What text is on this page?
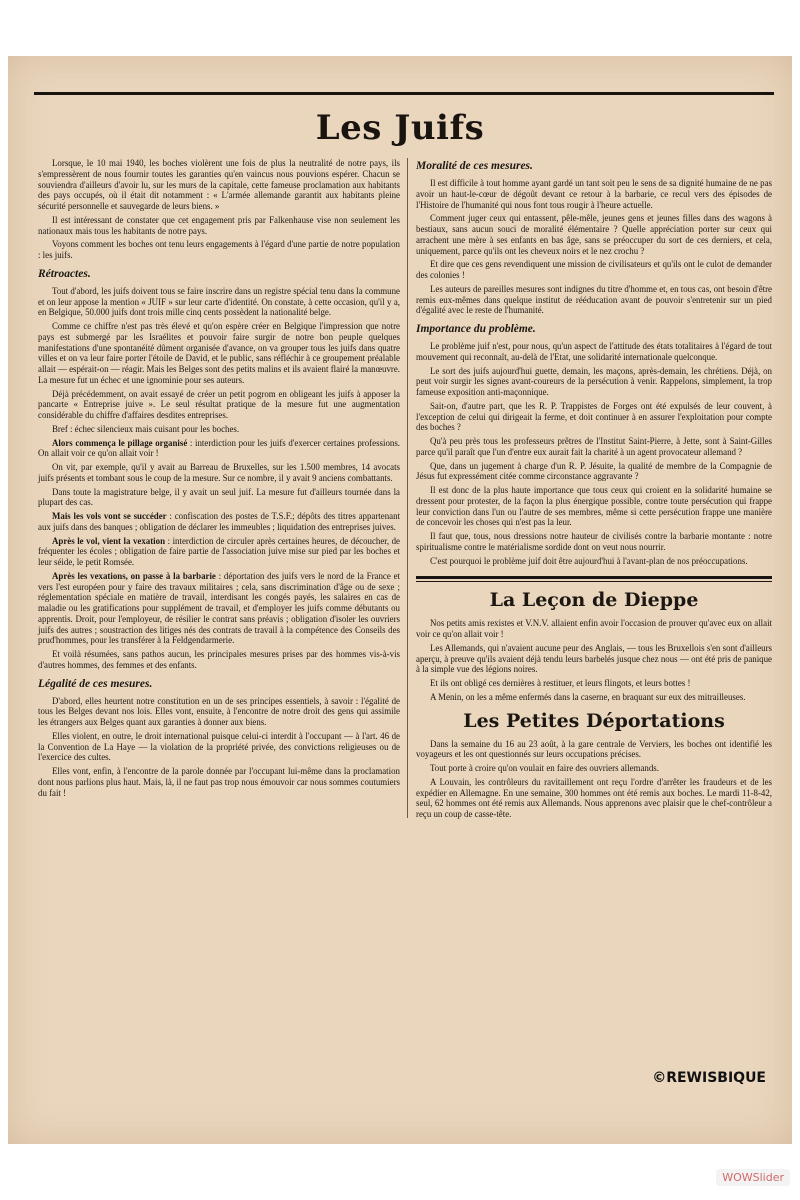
Les Juifs

Lorsque, le 10 mai 1940, les boches violèrent une fois de plus la neutralité de notre pays, ils s'empressèrent de nous fournir toutes les garanties qu'en vaincus nous pouvions espérer. Chacun se souviendra d'ailleurs d'avoir lu, sur les murs de la capitale, cette fameuse proclamation aux habitants des pays occupés, où il était dit notamment : « L'armée allemande garantit aux habitants pleine sécurité personnelle et sauvegarde de leurs biens. »

Il est intéressant de constater que cet engagement pris par Falkenhause vise non seulement les nationaux mais tous les habitants de notre pays.

Voyons comment les boches ont tenu leurs engagements à l'égard d'une partie de notre population : les juifs.

Rétroactes.

Tout d'abord, les juifs doivent tous se faire inscrire dans un registre spécial tenu dans la commune et on leur appose la mention « JUIF » sur leur carte d'identité. On constate, à cette occasion, qu'il y a, en Belgique, 50.000 juifs dont trois mille cinq cents possèdent la nationalité belge.

Comme ce chiffre n'est pas très élevé et qu'on espère créer en Belgique l'impression que notre pays est submergé par les Israélites et pouvoir faire surgir de notre bon peuple quelques manifestations d'une spontanéité dûment organisée d'avance, on va grouper tous les juifs dans quatre villes et on va leur faire porter l'étoile de David, et le public, sans réfléchir à ce groupement préalable allait — espérait-on — réagir. Mais les Belges sont des petits malins et ils avaient flairé la manœuvre. La mesure fut un échec et une ignominie pour ses auteurs.

Déjà précédemment, on avait essayé de créer un petit pogrom en obligeant les juifs à apposer la pancarte « Entreprise juive ». Le seul résultat pratique de la mesure fut une augmentation considérable du chiffre d'affaires desdites entreprises.

Bref : échec silencieux mais cuisant pour les boches.

Alors commença le pillage organisé : interdiction pour les juifs d'exercer certaines professions. On allait voir ce qu'on allait voir !

On vit, par exemple, qu'il y avait au Barreau de Bruxelles, sur les 1.500 membres, 14 avocats juifs présents et tombant sous le coup de la mesure. Sur ce nombre, il y avait 9 anciens combattants.

Dans toute la magistrature belge, il y avait un seul juif. La mesure fut d'ailleurs tournée dans la plupart des cas.

Mais les vols vont se succéder : confiscation des postes de T.S.F.; dépôts des titres appartenant aux juifs dans des banques ; obligation de déclarer les immeubles ; liquidation des entreprises juives.

Après le vol, vient la vexation : interdiction de circuler après certaines heures, de découcher, de fréquenter les écoles ; obligation de faire partie de l'association juive mise sur pied par les boches et leur séide, le petit Romsée.

Après les vexations, on passe à la barbarie : déportation des juifs vers le nord de la France et vers l'est européen pour y faire des travaux militaires ; cela, sans discrimination d'âge ou de sexe ; réglementation spéciale en matière de travail, interdisant les congés payés, les salaires en cas de maladie ou les gratifications pour supplément de travail, et d'employer les juifs comme débutants ou apprentis. Droit, pour l'employeur, de résilier le contrat sans préavis ; obligation d'isoler les ouvriers juifs des autres ; soustraction des litiges nés des contrats de travail à la compétence des Conseils des prud'hommes, pour les transférer à la Feldgendarmerie.

Et voilà résumées, sans pathos aucun, les principales mesures prises par des hommes vis-à-vis d'autres hommes, des femmes et des enfants.

Légalité de ces mesures.

D'abord, elles heurtent notre constitution en un de ses principes essentiels, à savoir : l'égalité de tous les Belges devant nos lois. Elles vont, ensuite, à l'encontre de notre droit des gens qui assimile les étrangers aux Belges quant aux garanties à donner aux biens.

Elles violent, en outre, le droit international puisque celui-ci interdit à l'occupant — à l'art. 46 de la Convention de La Haye — la violation de la propriété privée, des convictions religieuses ou de l'exercice des cultes.

Elles vont, enfin, à l'encontre de la parole donnée par l'occupant lui-même dans la proclamation dont nous parlions plus haut. Mais, là, il ne faut pas trop nous émouvoir car nous sommes coutumiers du fait !

Moralité de ces mesures.

Il est difficile à tout homme ayant gardé un tant soit peu le sens de sa dignité humaine de ne pas avoir un haut-le-cœur de dégoût devant ce retour à la barbarie, ce recul vers des épisodes de l'Histoire de l'humanité qui nous font tous rougir à l'heure actuelle.

Comment juger ceux qui entassent, pêle-mêle, jeunes gens et jeunes filles dans des wagons à bestiaux, sans aucun souci de moralité élémentaire ? Quelle appréciation porter sur ceux qui arrachent une mère à ses enfants en bas âge, sans se préoccuper du sort de ces derniers, et cela, uniquement, parce qu'ils ont les cheveux noirs et le nez crochu ?

Et dire que ces gens revendiquent une mission de civilisateurs et qu'ils ont le culot de demander des colonies !

Les auteurs de pareilles mesures sont indignes du titre d'homme et, en tous cas, ont besoin d'être remis eux-mêmes dans quelque institut de rééducation avant de pouvoir s'entretenir sur un pied d'égalité avec le reste de l'humanité.

Importance du problème.

Le problème juif n'est, pour nous, qu'un aspect de l'attitude des états totalitaires à l'égard de tout mouvement qui reconnaît, au-delà de l'Etat, une solidarité internationale quelconque.

Le sort des juifs aujourd'hui guette, demain, les maçons, après-demain, les chrétiens. Déjà, on peut voir surgir les signes avant-coureurs de la persécution à venir. Rappelons, simplement, la trop fameuse exposition anti-maçonnique.

Sait-on, d'autre part, que les R. P. Trappistes de Forges ont été expulsés de leur couvent, à l'exception de celui qui dirigeait la ferme, et doit continuer à en assurer l'exploitation pour compte des boches ?

Qu'à peu près tous les professeurs prêtres de l'Institut Saint-Pierre, à Jette, sont à Saint-Gilles parce qu'il paraît que l'un d'entre eux aurait fait la charité à un agent provocateur allemand ?

Que, dans un jugement à charge d'un R. P. Jésuite, la qualité de membre de la Compagnie de Jésus fut expressément citée comme circonstance aggravante ?

Il est donc de la plus haute importance que tous ceux qui croient en la solidarité humaine se dressent pour protester, de la façon la plus énergique possible, contre toute persécution qui frappe leur conviction dans l'un ou l'autre de ses membres, même si cette persécution frappe une manière de concevoir les choses qui n'est pas la leur.

Il faut que, tous, nous dressions notre hauteur de civilisés contre la barbarie montante : notre spiritualisme contre le matérialisme sordide dont on veut nous nourrir.

C'est pourquoi le problème juif doit être aujourd'hui à l'avant-plan de nos préoccupations.

La Leçon de Dieppe

Nos petits amis rexistes et V.N.V. allaient enfin avoir l'occasion de prouver qu'avec eux on allait voir ce qu'on allait voir !

Les Allemands, qui n'avaient aucune peur des Anglais, — tous les Bruxellois s'en sont d'ailleurs aperçu, à preuve qu'ils avaient déjà tendu leurs barbelés jusque chez nous — ont été pris de panique à la simple vue des légions noires.

Et ils ont obligé ces dernières à restituer, et leurs flingots, et leurs bottes !

A Menin, on les a même enfermés dans la caserne, en braquant sur eux des mitrailleuses.

Les Petites Déportations

Dans la semaine du 16 au 23 août, à la gare centrale de Verviers, les boches ont identifié les voyageurs et les ont questionnés sur leurs occupations précises.

Tout porte à croire qu'on voulait en faire des ouvriers allemands.

A Louvain, les contrôleurs du ravitaillement ont reçu l'ordre d'arrêter les fraudeurs et de les expédier en Allemagne. En une semaine, 300 hommes ont été remis aux boches. Le mardi 11-8-42, seul, 62 hommes ont été remis aux Allemands. Nous apprenons avec plaisir que le chef-contrôleur a reçu un coup de casse-tête.

©REWISBIQUE
WOWSlider
